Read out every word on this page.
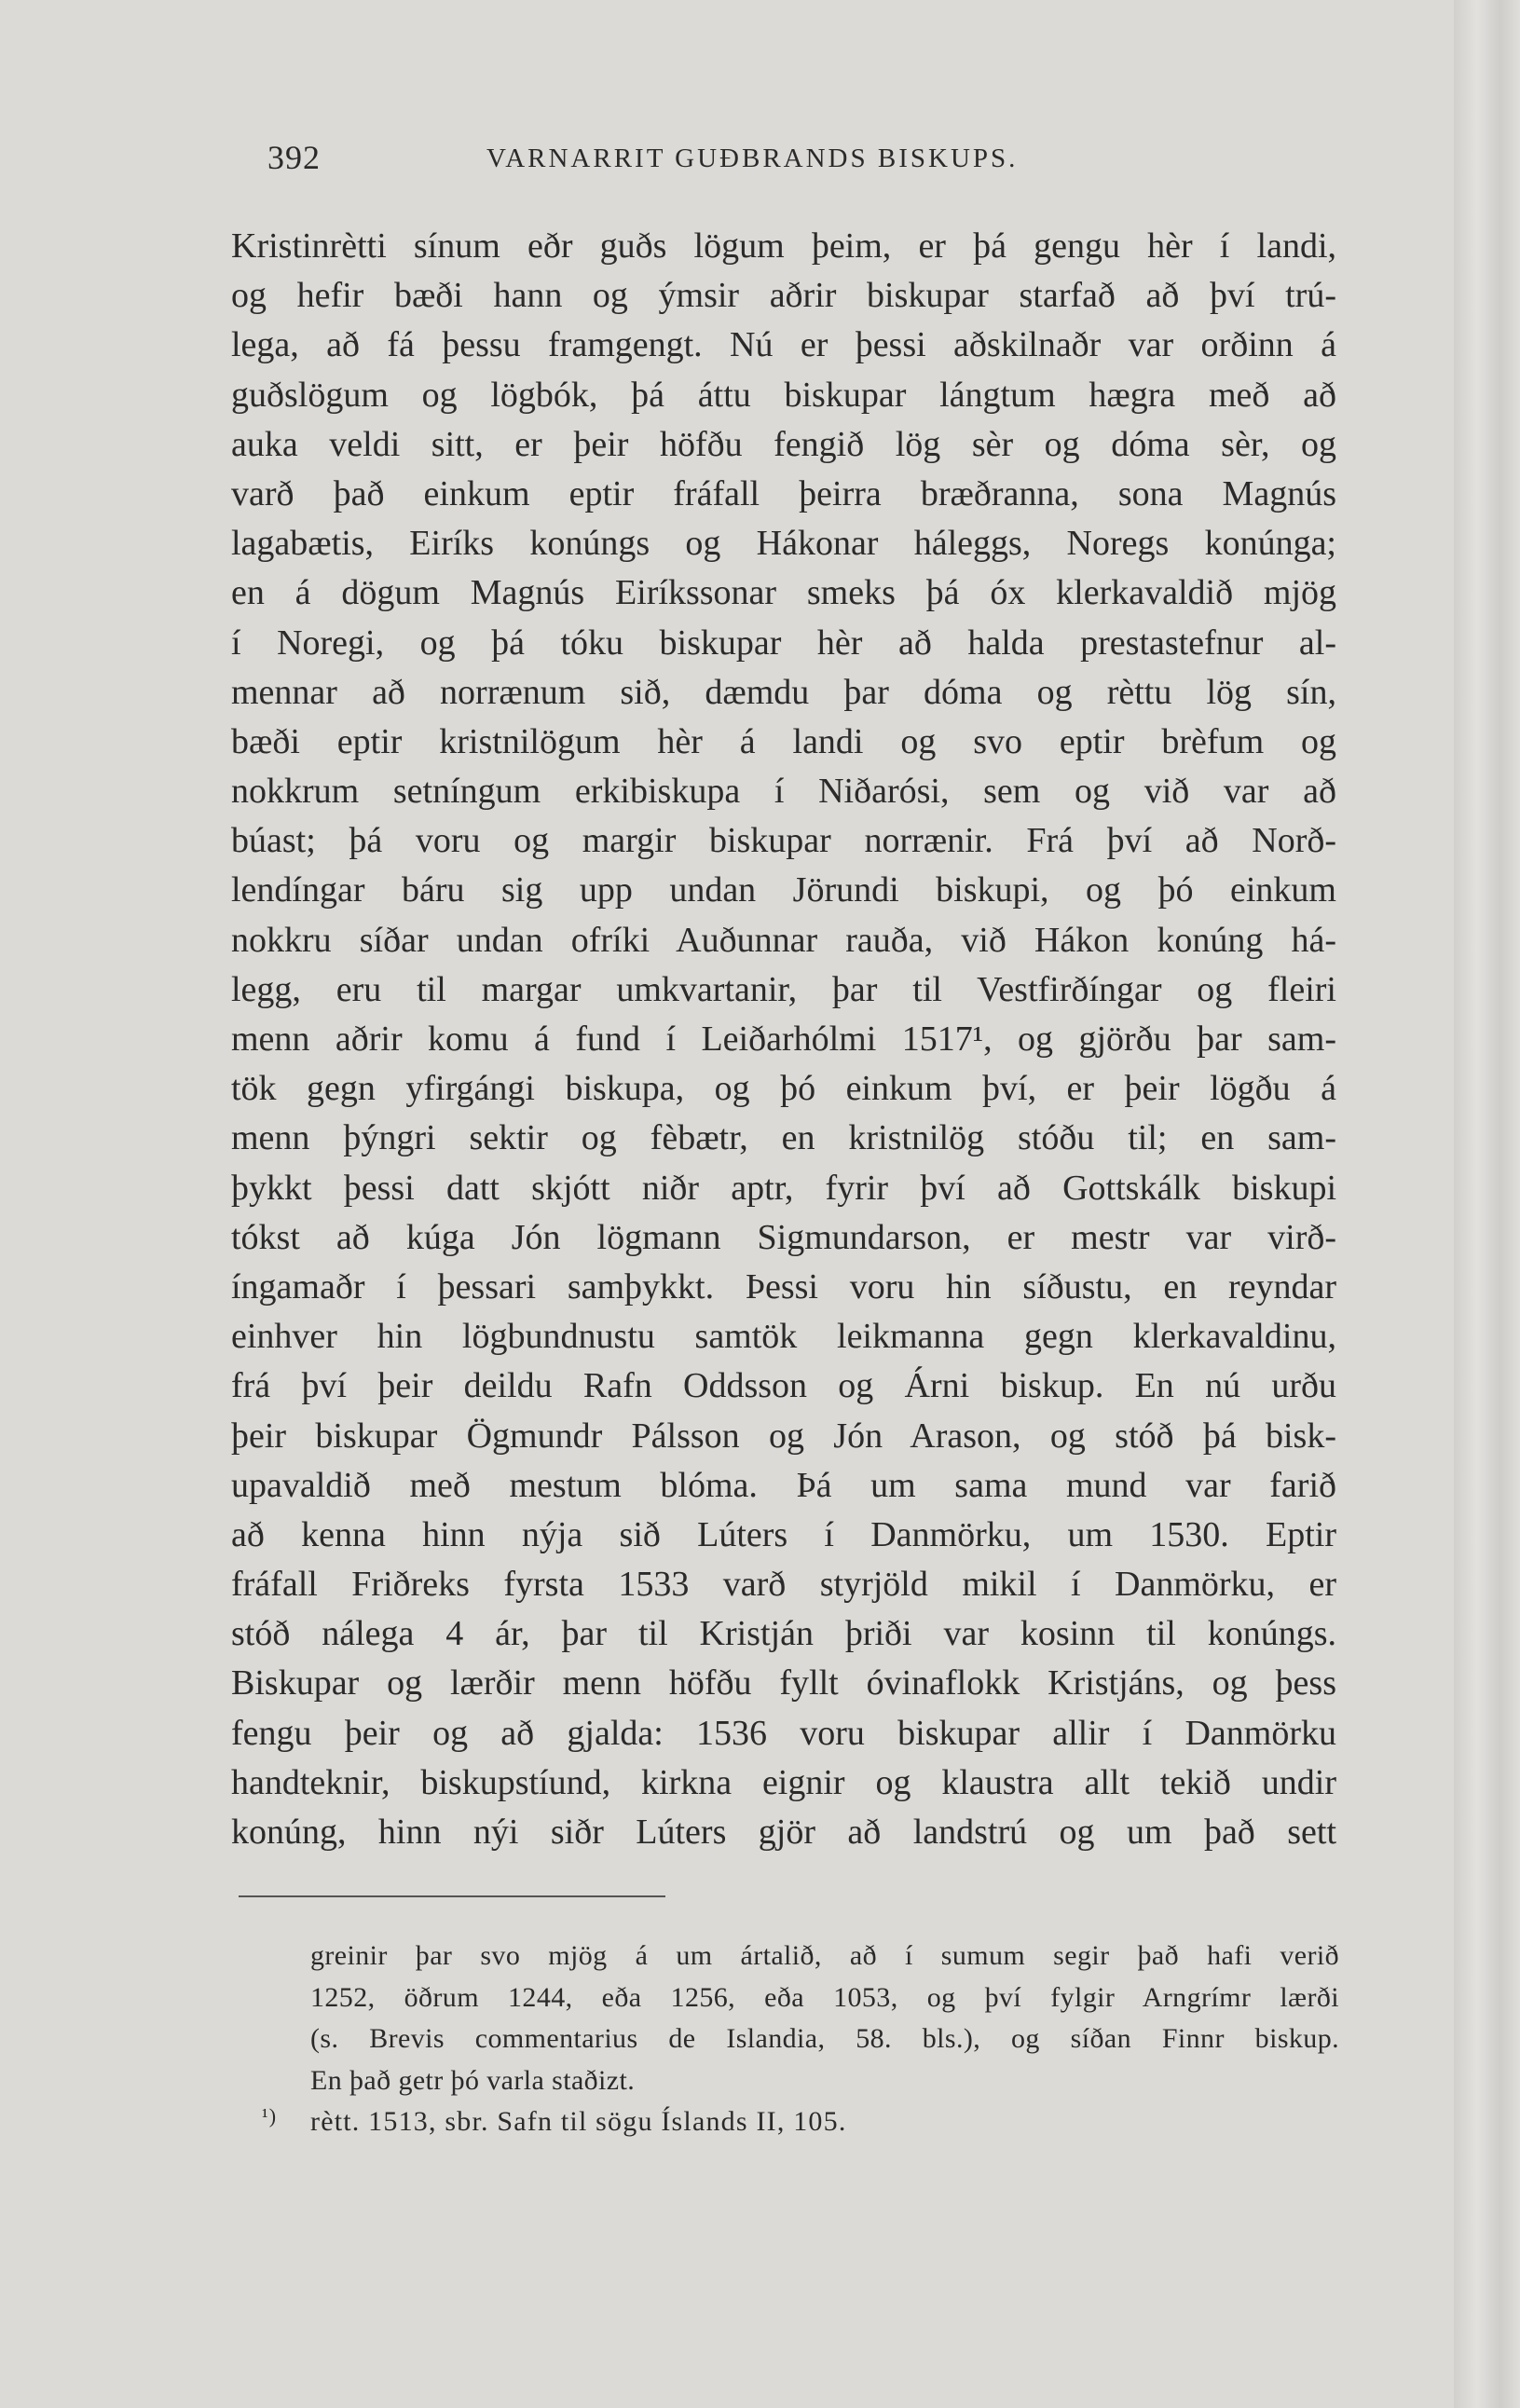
392	VARNARRIT GUÐBRANDS BISKUPS.
Kristinrètti sínum eðr guðs lögum þeim, er þá gengu hèr í landi,
og hefir bæði hann og ýmsir aðrir biskupar starfað að því trú-
lega, að fá þessu framgengt. Nú er þessi aðskilnaðr var orðinn á
guðslögum og lögbók, þá áttu biskupar lángtum hægra með að
auka veldi sitt, er þeir höfðu fengið lög sèr og dóma sèr, og
varð það einkum eptir fráfall þeirra bræðranna, sona Magnús
lagabætis, Eiríks konúngs og Hákonar háleggs, Noregs konúnga;
en á dögum Magnús Eiríkssonar smeks þá óx klerkavaldið mjög
í Noregi, og þá tóku biskupar hèr að halda prestastefnur al-
mennar að norrænum sið, dæmdu þar dóma og rèttu lög sín,
bæði eptir kristnilögum hèr á landi og svo eptir brèfum og
nokkrum setníngum erkibiskupa í Niðarósi, sem og við var að
búast; þá voru og margir biskupar norrænir. Frá því að Norð-
lendíngar báru sig upp undan Jörundi biskupi, og þó einkum
nokkru síðar undan ofríki Auðunnar rauða, við Hákon konúng há-
legg, eru til margar umkvartanir, þar til Vestfirðíngar og fleiri
menn aðrir komu á fund í Leiðarhólmi 1517¹, og gjörðu þar sam-
tök gegn yfirgángi biskupa, og þó einkum því, er þeir lögðu á
menn þýngri sektir og fèbætr, en kristnilög stóðu til; en sam-
þykkt þessi datt skjótt niðr aptr, fyrir því að Gottskálk biskupi
tókst að kúga Jón lögmann Sigmundarson, er mestr var virð-
íngamaðr í þessari samþykkt. Þessi voru hin síðustu, en reyndar
einhver hin lögbundnustu samtök leikmanna gegn klerkavaldinu,
frá því þeir deildu Rafn Oddsson og Árni biskup. En nú urðu
þeir biskupar Ögmundr Pálsson og Jón Arason, og stóð þá bisk-
upavaldið með mestum blóma. Þá um sama mund var farið
að kenna hinn nýja sið Lúters í Danmörku, um 1530. Eptir
fráfall Friðreks fyrsta 1533 varð styrjöld mikil í Danmörku, er
stóð nálega 4 ár, þar til Kristján þriði var kosinn til konúngs.
Biskupar og lærðir menn höfðu fyllt óvinaflokk Kristjáns, og þess
fengu þeir og að gjalda: 1536 voru biskupar allir í Danmörku
handteknir, biskupstíund, kirkna eignir og klaustra allt tekið undir
konúng, hinn nýi siðr Lúters gjör að landstrú og um það sett
greinir þar svo mjög á um ártalið, að í sumum segir það hafi verið
1252, öðrum 1244, eða 1256, eða 1053, og því fylgir Arngrímr lærði
(s. Brevis commentarius de Islandia, 58. bls.), og síðan Finnr biskup.
En það getr þó varla staðizt.
¹) rètt. 1513, sbr. Safn til sögu Íslands II, 105.
